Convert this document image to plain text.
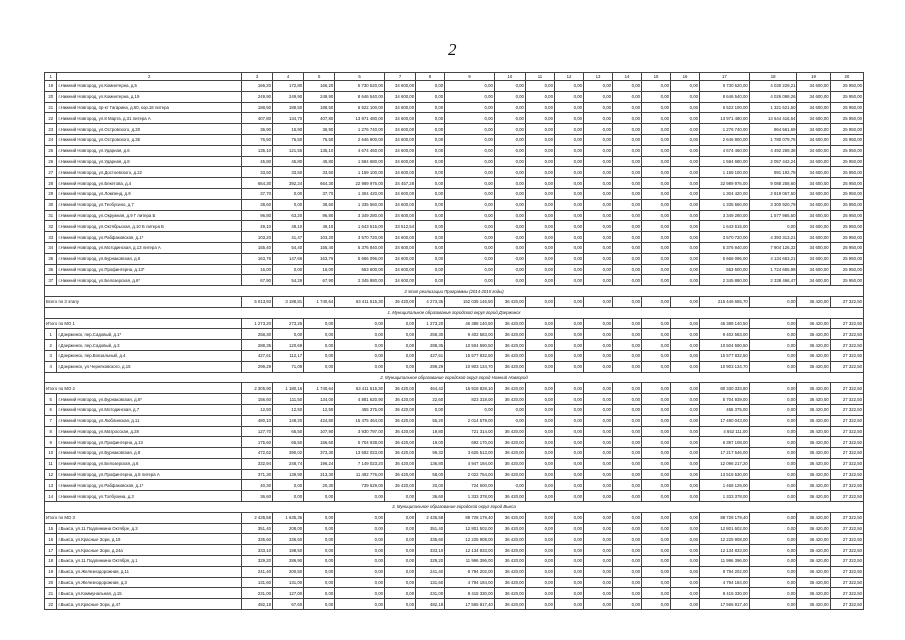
2
1	2	3	4	5	6	7	8	9	10	11	12	13	14	15	16	17	18	19	20
19	г.Нижний Новгород, ул.Коминтерна, д.5	166,20	172,80	166,20	5 730 520,00	34 600,00	0,00	0,00	0,00	0,00	0,00	0,00	0,00	0,00	0,00	5 730 520,00	4 030 229,21	34 600,00	25 950,00
20	г.Нижний Новгород, ул.Коминтерна, д.19	249,90	249,90	249,90	8 646 540,00	34 600,00	0,00	0,00	0,00	0,00	0,00	0,00	0,00	0,00	0,00	8 646 540,00	4 026 099,26	34 600,00	25 950,00
21	г.Нижний Новгород, пр-кт Гагарина, д.60, кор.18 литера	188,50	188,50	188,50	6 522 100,00	34 600,00	0,00	0,00	0,00	0,00	0,00	0,00	0,00	0,00	0,00	6 522 100,00	1 321 521,50	34 600,00	25 950,00
22	г.Нижний Новгород, ул.8 Марта, д.31 литера А	407,80	134,70	407,80	13 971 480,00	34 600,00	0,00	0,00	0,00	0,00	0,00	0,00	0,00	0,00	0,00	13 971 480,00	14 644 416,54	34 600,00	25 950,00
23	г.Нижний Новгород, ул.Островского, д.20	36,90	15,90	36,90	1 276 740,00	34 600,00	0,00	0,00	0,00	0,00	0,00	0,00	0,00	0,00	0,00	1 276 740,00	964 561,69	34 600,00	25 950,00
24	г.Нижний Новгород, ул.Островского, д.35	76,50	76,50	76,50	2 646 900,00	34 600,00	0,00	0,00	0,00	0,00	0,00	0,00	0,00	0,00	0,00	2 646 900,00	1 780 079,76	34 600,00	25 950,00
25	г.Нижний Новгород, ул.Ударная, д.6	135,10	121,55	135,10	4 674 460,00	34 600,00	0,00	0,00	0,00	0,00	0,00	0,00	0,00	0,00	0,00	4 674 460,00	4 492 269,38	34 600,00	25 950,00
26	г.Нижний Новгород, ул.Ударная, д.8	45,80	45,80	45,80	1 584 680,00	34 600,00	0,00	0,00	0,00	0,00	0,00	0,00	0,00	0,00	0,00	1 584 680,00	2 057 442,24	34 600,00	25 950,00
27	г.Нижний Новгород, ул.Достоевского, д.22	33,50	33,50	33,50	1 159 100,00	34 600,00	0,00	0,00	0,00	0,00	0,00	0,00	0,00	0,00	0,00	1 159 100,00	991 192,78	34 600,00	25 950,00
28	г.Нижний Новгород, ул.Бекетова, д.4	664,30	392,24	664,30	22 989 976,00	34 457,28	0,00	0,00	0,00	0,00	0,00	0,00	0,00	0,00	0,00	22 989 976,00	9 088 258,60	34 600,00	25 950,00
29	г.Нижний Новгород, ул.Ломпенд, д.9	37,70	0,00	37,70	1 304 420,00	34 600,00	0,00	0,00	0,00	0,00	0,00	0,00	0,00	0,00	0,00	1 304 420,00	2 819 067,50	34 600,00	25 950,00
30	г.Нижний Новгород, ул.Теобусино, д.7	38,60	0,00	38,60	1 335 560,00	34 600,00	0,00	0,00	0,00	0,00	0,00	0,00	0,00	0,00	0,00	1 335 560,00	3 300 920,79	34 600,00	25 950,00
31	г.Нижний Новгород, ул.Окружная, д.9 Г литера Б	96,80	63,20	96,80	3 349 280,00	34 600,00	0,00	0,00	0,00	0,00	0,00	0,00	0,00	0,00	0,00	3 349 280,00	1 577 965,50	34 600,00	25 950,00
32	г.Нижний Новгород, ул.Октябрьская, д.10 Б литера Б	49,10	49,10	49,10	1 643 515,00	33 512,54	0,00	0,00	0,00	0,00	0,00	0,00	0,00	0,00	0,00	1 643 515,00	0,00	34 600,00	25 950,00
33	г.Нижний Новгород, ул.Рабфаковская, д.1*	103,20	41,47	103,20	3 570 720,00	34 600,00	0,00	0,00	0,00	0,00	0,00	0,00	0,00	0,00	0,00	3 570 720,00	4 393 313,21	34 600,00	25 950,00
34	г.Нижний Новгород, ул.Мотодинская, д.13 литера А	155,40	54,40	155,40	5 376 840,00	34 600,00	0,00	0,00	0,00	0,00	0,00	0,00	0,00	0,00	0,00	5 376 840,00	7 904 126,32	34 600,00	25 950,00
35	г.Нижний Новгород, ул.Бурнаковская, д.6	163,76	147,66	163,76	5 666 096,00	34 600,00	0,00	0,00	0,00	0,00	0,00	0,00	0,00	0,00	0,00	5 666 096,00	4 134 653,21	34 600,00	25 950,00
36	г.Нижний Новгород, ул.Профинтерна, д.13*	16,00	0,00	16,00	553 600,00	34 600,00	0,00	0,00	0,00	0,00	0,00	0,00	0,00	0,00	0,00	553 600,00	1 724 655,98	34 600,00	25 950,00
37	г.Нижний Новгород, ул.Белозерская, д.6*	67,90	54,29	67,90	2 345 880,00	34 600,00	0,00	0,00	0,00	0,00	0,00	0,00	0,00	0,00	0,00	2 345 880,00	2 338 466,47	34 600,00	25 950,00
3 этап реализации Программы (2014-2015 годы)																			
Всего по 3 этапу		5 013,93	3 188,81	1 740,64	63 411 515,30	36 420,00	4 273,35	152 035 146,50	36 420,00	0,00	0,00	0,00	0,00	0,00	0,00	215 446 655,70	0,00	36 420,00	27 322,50
1. Муниципальное образование городской округ город Дзержинск																			
Итого по МО 1		1 273,20	273,25	0,00	0,00	0,00	1 273,20	46 388 140,50	36 420,00	0,00	0,00	0,00	0,00	0,00	0,00	46 388 140,50	0,00	36 420,00	27 322,50
1	г.Дзержинск, пер.Садовый, д.1*	258,30	0,00	0,00	0,00	0,00	258,30	9 402 583,00	36 420,00	0,00	0,00	0,00	0,00	0,00	0,00	9 402 583,00	0,00	36 420,00	27 322,50
2	г.Дзержинск, пер.Садовый, д.3	288,35	120,69	0,00	0,00	0,00	288,35	10 504 590,50	36 420,00	0,00	0,00	0,00	0,00	0,00	0,00	10 504 590,50	0,00	36 420,00	27 322,50
3	г.Дзержинск, пер.Вокзальный, д.4	427,61	112,17	0,00	0,00	0,00	427,61	15 577 832,50	36 420,00	0,00	0,00	0,00	0,00	0,00	0,00	15 577 832,50	0,00	36 420,00	27 322,50
4	г.Дзержинск, ул.Черняховского, д.15	299,29	71,09	0,00	0,00	0,00	299,29	10 903 134,70	36 420,00	0,00	0,00	0,00	0,00	0,00	0,00	10 903 134,70	0,00	36 420,00	27 322,50
2. Муниципальное образование городской округ город Нижний Новгород																			
Итого по МО 2		2 305,90	1 180,16	1 740,64	63 411 515,30	36 420,00	464,42	16 918 828,10	36 420,00	0,00	0,00	0,00	0,00	0,00	0,00	80 330 333,80	0,00	36 420,00	27 322,50
5	г.Нижний Новгород, ул.Бурнаковская, д.6*	156,60	111,50	134,00	4 881 620,90	36 420,00	22,60	823 318,00	36 420,00	0,00	0,00	0,00	0,00	0,00	0,00	5 704 939,00	0,00	36 420,00	27 322,50
6	г.Нижний Новгород, ул.Мотодинская, д.7	12,50	12,50	12,50	455 375,00	36 420,00	0,00	0,00	0,00	0,00	0,00	0,00	0,00	0,00	0,00	455 375,00	0,00	36 420,00	27 322,50
7	г.Нижний Новгород, ул.Люблинская, д.11	480,10	148,20	424,80	15 475 464,00	36 420,00	55,20	2 014 579,00	0,00	0,00	0,00	0,00	0,00	0,00	0,00	17 490 043,00	0,00	36 420,00	27 322,50
8	г.Нижний Новгород, ул.Матросская, д.28	127,70	65,50	107,90	3 930 797,00	36 420,00	19,80	721 314,00	36 420,00	0,00	0,00	0,00	0,00	0,00	0,00	4 652 111,00	0,00	36 420,00	27 322,50
9	г.Нижний Новгород, ул.Профинтерна, д.13	175,60	65,50	156,60	5 704 938,00	36 420,00	19,00	692 170,00	36 420,00	0,00	0,00	0,00	0,00	0,00	0,00	6 397 108,00	0,00	36 420,00	27 322,50
10	г.Нижний Новгород, ул.Бурнаковская, д.8	472,62	390,02	373,30	13 592 023,00	36 420,00	99,32	3 625 513,00	36 420,00	0,00	0,00	0,00	0,00	0,00	0,00	17 217 546,00	0,00	36 420,00	27 322,50
11	г.Нижний Новгород, ул.Белозерская, д.6	332,94	248,74	196,24	7 149 023,20	36 420,00	136,80	4 947 194,00	36 420,00	0,00	0,00	0,00	0,00	0,00	0,00	12 096 217,20	0,00	36 420,00	27 322,50
12	г.Нижний Новгород, ул.Профинтерна, д.8 литера А	371,30	139,90	313,30	11 492 776,00	36 420,00	58,00	2 022 754,00	36 420,00	0,00	0,00	0,00	0,00	0,00	0,00	13 515 530,00	0,00	36 420,00	27 322,50
13	г.Нижний Новгород, ул.Рабфаковская, д.1*	40,30	0,00	20,30	739 529,00	36 420,00	20,00	724 600,00	0,00	0,00	0,00	0,00	0,00	0,00	0,00	1 468 129,00	0,00	36 420,00	27 322,50
14	г.Нижний Новгород, ул.Толбухина, д.3	36,60	0,00	0,00	0,00	0,00	36,60	1 333 378,00	36 420,00	0,00	0,00	0,00	0,00	0,00	0,00	1 333 378,00	0,00	36 420,00	27 322,50
3. Муниципальное образование городской округ город Выкса																			
Итого по МО 3		2 435,58	1 635,36	0,00	0,00	0,00	2 435,58	88 728 179,40	36 420,00	0,00	0,00	0,00	0,00	0,00	0,00	88 728 179,40	0,00	36 420,00	27 322,50
15	г.Выкса, ул.11 Подлинкина Октябре, д.3	351,40	208,00	0,00	0,00	0,00	351,40	12 801 502,00	36 420,00	0,00	0,00	0,00	0,00	0,00	0,00	12 801 502,00	0,00	36 420,00	27 322,50
16	г.Выкса, ул.Красные Зори, д.19	335,60	336,60	0,00	0,00	0,00	335,60	12 225 908,00	36 420,00	0,00	0,00	0,00	0,00	0,00	0,00	12 225 908,00	0,00	36 420,00	27 322,50
17	г.Выкса, ул.Красные Зори, д.24а	333,10	198,50	0,00	0,00	0,00	333,10	12 134 833,00	36 420,00	0,00	0,00	0,00	0,00	0,00	0,00	12 134 833,00	0,00	36 420,00	27 322,50
18	г.Выкса, ул.11 Подлинкина Октября, д.1	329,20	286,90	0,00	0,00	0,00	329,20	11 996 396,00	36 420,00	0,00	0,00	0,00	0,00	0,00	0,00	11 996 396,00	0,00	36 420,00	27 322,50
19	г.Выкса, ул.Железнодорожная, д.11	241,40	200,50	0,00	0,00	0,00	241,40	8 794 202,00	36 420,00	0,00	0,00	0,00	0,00	0,00	0,00	8 794 202,00	0,00	36 420,00	27 322,50
20	г.Выкса, ул.Железнодорожная, д.3	131,60	131,00	0,00	0,00	0,00	131,60	4 794 184,00	36 420,00	0,00	0,00	0,00	0,00	0,00	0,00	4 794 184,00	0,00	36 420,00	27 322,50
21	г.Выкса, ул.Коммунальная, д.15	231,00	127,00	0,00	0,00	0,00	231,00	8 415 330,00	36 420,00	0,00	0,00	0,00	0,00	0,00	0,00	8 415 330,00	0,00	36 420,00	27 322,50
22	г.Выкса, ул.Красные Зори, д.47	482,18	67,60	0,00	0,00	0,00	482,18	17 565 817,40	36 420,00	0,00	0,00	0,00	0,00	0,00	0,00	17 565 817,40	0,00	36 420,00	27 322,50
